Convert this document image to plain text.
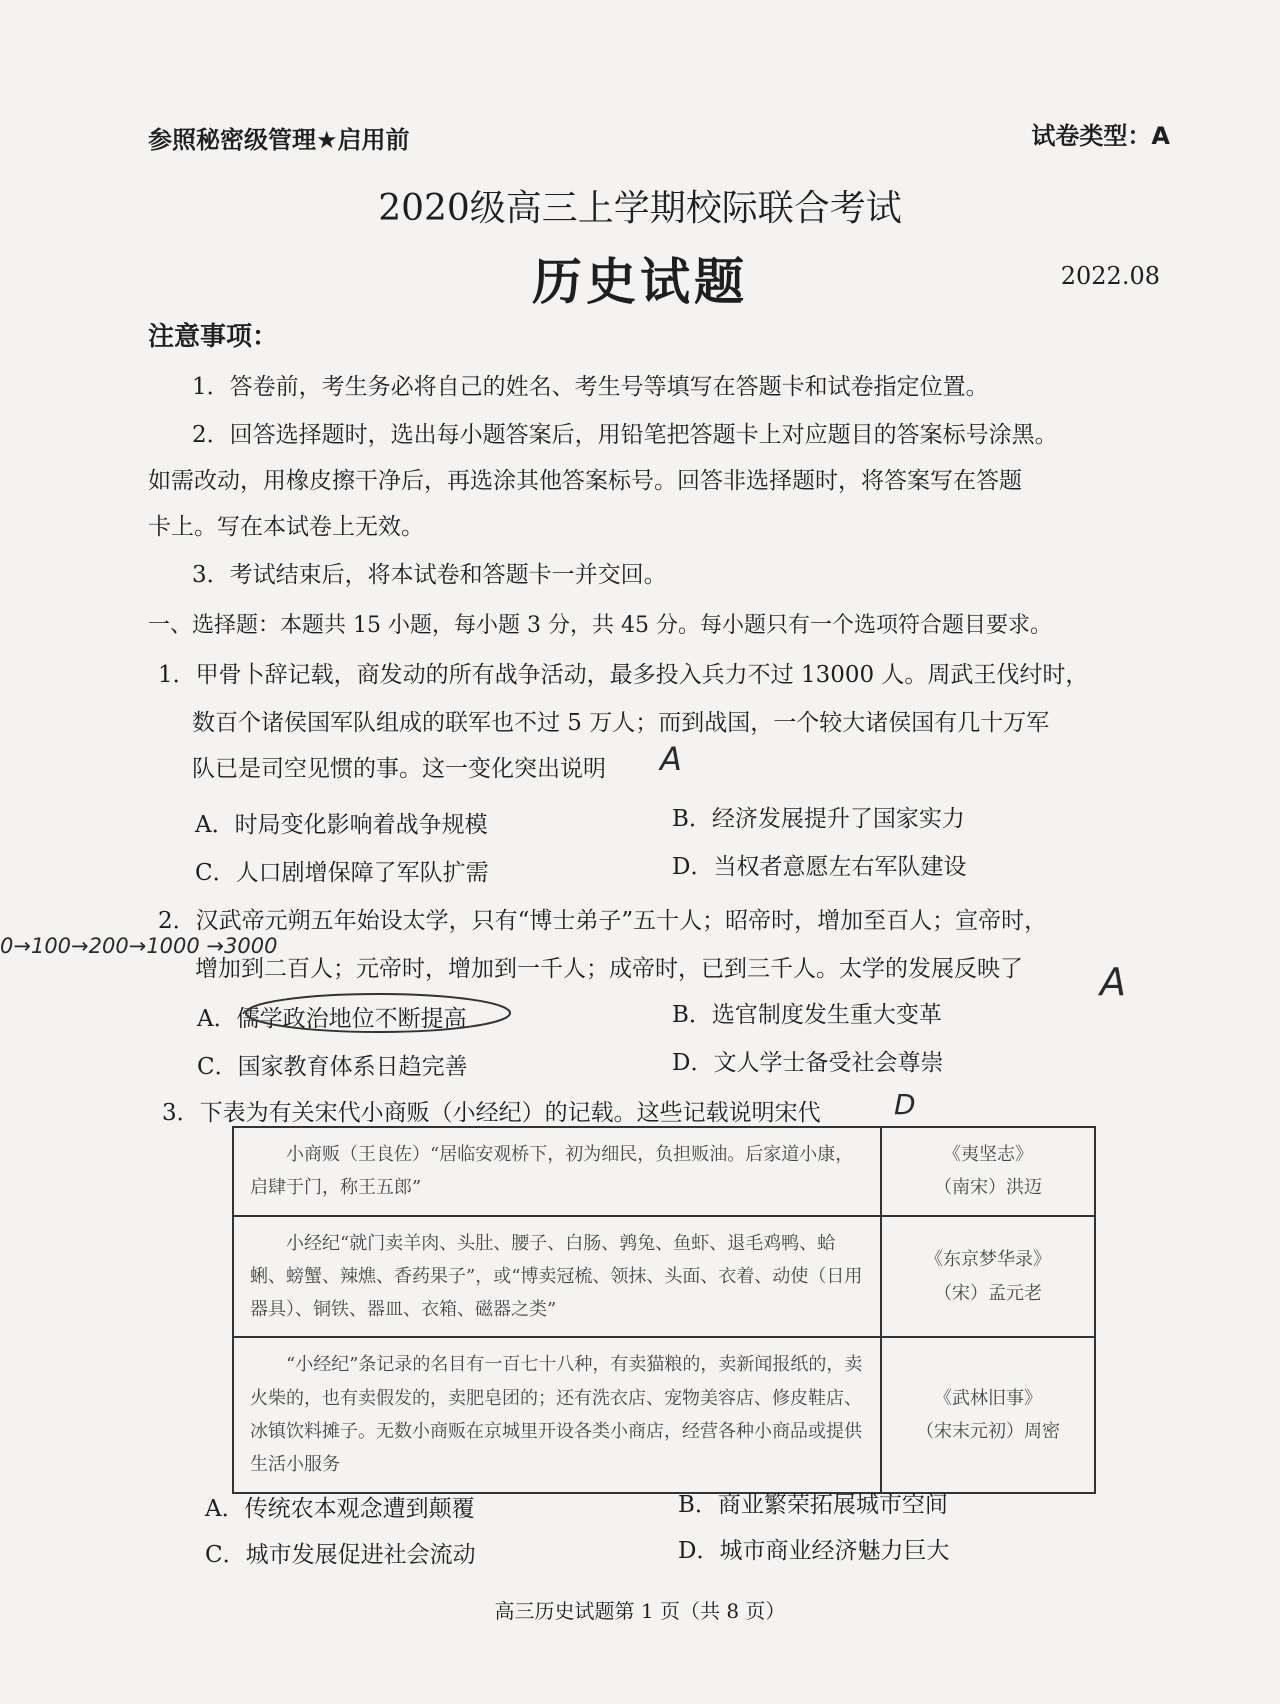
参照秘密级管理★启用前	试卷类型：A
2020级高三上学期校际联合考试
历史试题	2022.08
注意事项：
1．答卷前，考生务必将自己的姓名、考生号等填写在答题卡和试卷指定位置。
2．回答选择题时，选出每小题答案后，用铅笔把答题卡上对应题目的答案标号涂黑。
如需改动，用橡皮擦干净后，再选涂其他答案标号。回答非选择题时，将答案写在答题
卡上。写在本试卷上无效。
3．考试结束后，将本试卷和答题卡一并交回。
一、选择题：本题共 15 小题，每小题 3 分，共 45 分。每小题只有一个选项符合题目要求。
1．甲骨卜辞记载，商发动的所有战争活动，最多投入兵力不过 13000 人。周武王伐纣时，
数百个诸侯国军队组成的联军也不过 5 万人；而到战国，一个较大诸侯国有几十万军
队已是司空见惯的事。这一变化突出说明 A
A．时局变化影响着战争规模	B．经济发展提升了国家实力
C．人口剧增保障了军队扩需	D．当权者意愿左右军队建设
2．汉武帝元朔五年始设太学，只有“博士弟子”五十人；昭帝时，增加至百人；宣帝时，
0→100→200→1000 →3000
增加到二百人；元帝时，增加到一千人；成帝时，已到三千人。太学的发展反映了 A
A．儒学政治地位不断提高	B．选官制度发生重大变革
C．国家教育体系日趋完善	D．文人学士备受社会尊崇
3．下表为有关宋代小商贩（小经纪）的记载。这些记载说明宋代	D
小商贩（王良佐）“居临安观桥下，初为细民，负担贩油。后家道小康，启肆于门，称王五郎”	《夷坚志》
（南宋）洪迈

小经纪“就门卖羊肉、头肚、腰子、白肠、鹑兔、鱼虾、退毛鸡鸭、蛤蜊、螃蟹、辣燋、香药果子”，或“博卖冠梳、领抹、头面、衣着、动使（日用器具）、铜铁、器皿、衣箱、磁器之类”	《东京梦华录》
（宋）孟元老

“小经纪”条记录的名目有一百七十八种，有卖猫粮的，卖新闻报纸的，卖火柴的，也有卖假发的，卖肥皂团的；还有洗衣店、宠物美容店、修皮鞋店、冰镇饮料摊子。无数小商贩在京城里开设各类小商店，经营各种小商品或提供生活小服务	《武林旧事》
（宋末元初）周密
A．传统农本观念遭到颠覆	B．商业繁荣拓展城市空间
C．城市发展促进社会流动	D．城市商业经济魅力巨大
高三历史试题第 1 页（共 8 页）
